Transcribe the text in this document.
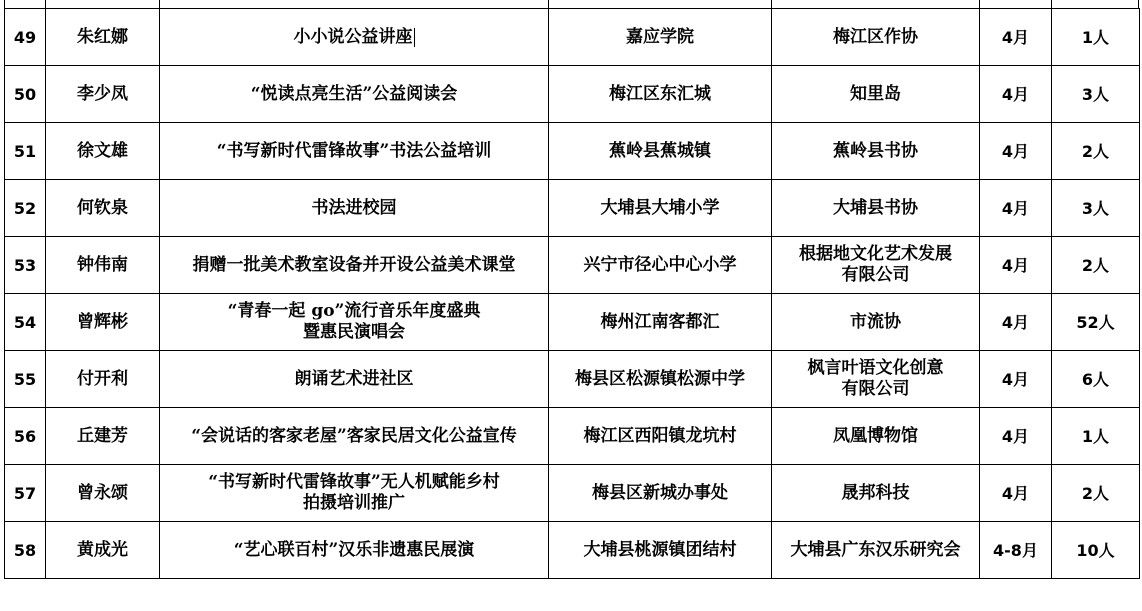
49	朱红娜	小小说公益讲座	嘉应学院	梅江区作协	4月	1人
50	李少凤	“悦读点亮生活”公益阅读会	梅江区东汇城	知里岛	4月	3人
51	徐文雄	“书写新时代雷锋故事”书法公益培训	蕉岭县蕉城镇	蕉岭县书协	4月	2人
52	何钦泉	书法进校园	大埔县大埔小学	大埔县书协	4月	3人
53	钟伟南	捐赠一批美术教室设备并开设公益美术课堂	兴宁市径心中心小学	根据地文化艺术发展
有限公司	4月	2人
54	曾辉彬	“青春一起 go”流行音乐年度盛典
暨惠民演唱会	梅州江南客都汇	市流协	4月	52人
55	付开利	朗诵艺术进社区	梅县区松源镇松源中学	枫言叶语文化创意
有限公司	4月	6人
56	丘建芳	“会说话的客家老屋”客家民居文化公益宣传	梅江区西阳镇龙坑村	凤凰博物馆	4月	1人
57	曾永颂	“书写新时代雷锋故事”无人机赋能乡村
拍摄培训推广	梅县区新城办事处	晟邦科技	4月	2人
58	黄成光	“艺心联百村”汉乐非遗惠民展演	大埔县桃源镇团结村	大埔县广东汉乐研究会	4-8月	10人
